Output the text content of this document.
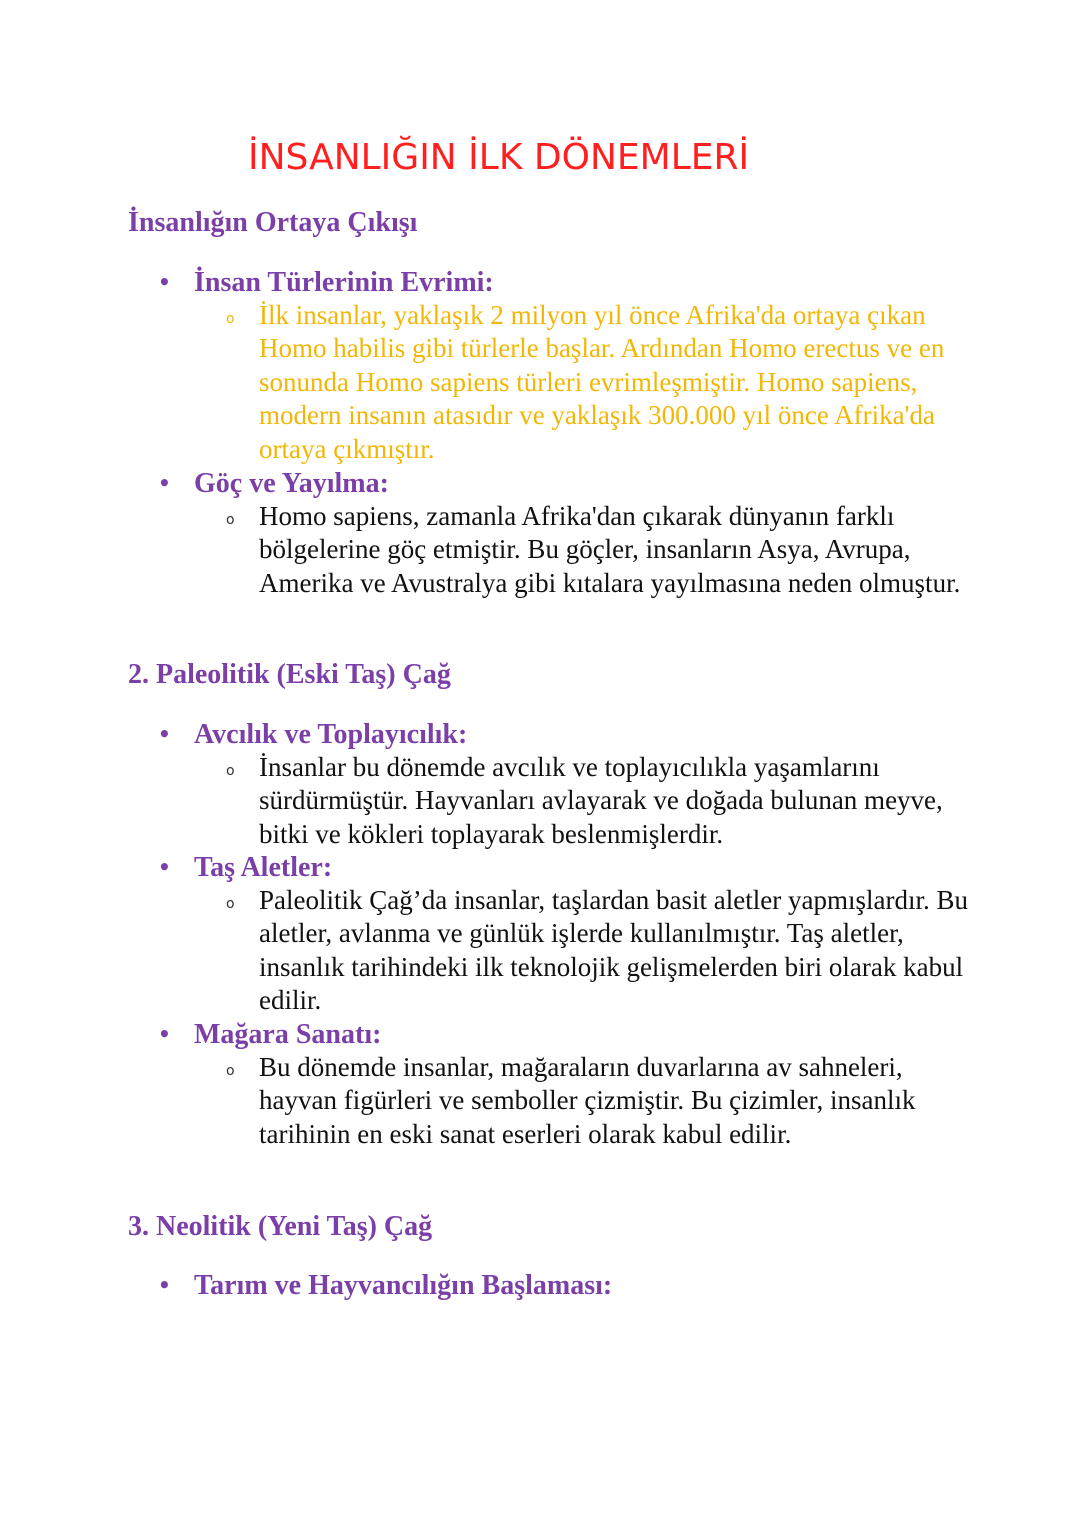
İNSANLIĞIN İLK DÖNEMLERİ
İnsanlığın Ortaya Çıkışı
• İnsan Türlerinin Evrimi:
o İlk insanlar, yaklaşık 2 milyon yıl önce Afrika'da ortaya çıkan Homo habilis gibi türlerle başlar. Ardından Homo erectus ve en sonunda Homo sapiens türleri evrimleşmiştir. Homo sapiens, modern insanın atasıdır ve yaklaşık 300.000 yıl önce Afrika'da ortaya çıkmıştır.

• Göç ve Yayılma:
o Homo sapiens, zamanla Afrika'dan çıkarak dünyanın farklı bölgelerine göç etmiştir. Bu göçler, insanların Asya, Avrupa, Amerika ve Avustralya gibi kıtalara yayılmasına neden olmuştur.

2. Paleolitik (Eski Taş) Çağ
• Avcılık ve Toplayıcılık:
o İnsanlar bu dönemde avcılık ve toplayıcılıkla yaşamlarını sürdürmüştür. Hayvanları avlayarak ve doğada bulunan meyve, bitki ve kökleri toplayarak beslenmişlerdir.

• Taş Aletler:
o Paleolitik Çağ’da insanlar, taşlardan basit aletler yapmışlardır. Bu aletler, avlanma ve günlük işlerde kullanılmıştır. Taş aletler, insanlık tarihindeki ilk teknolojik gelişmelerden biri olarak kabul edilir.

• Mağara Sanatı:
o Bu dönemde insanlar, mağaraların duvarlarına av sahneleri, hayvan figürleri ve semboller çizmiştir. Bu çizimler, insanlık tarihinin en eski sanat eserleri olarak kabul edilir.

3. Neolitik (Yeni Taş) Çağ
• Tarım ve Hayvancılığın Başlaması:
